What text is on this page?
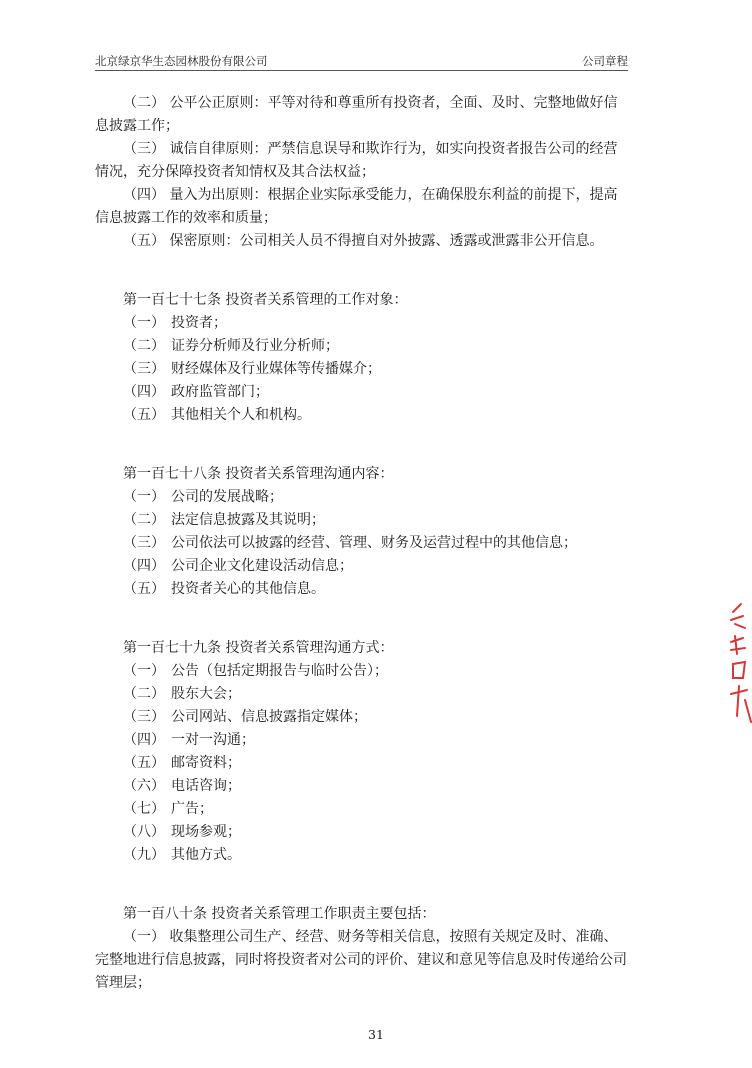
北京绿京华生态园林股份有限公司	公司章程

（二） 公平公正原则：平等对待和尊重所有投资者，全面、及时、完整地做好信息披露工作；

（三） 诚信自律原则：严禁信息误导和欺诈行为，如实向投资者报告公司的经营情况，充分保障投资者知情权及其合法权益；

（四） 量入为出原则：根据企业实际承受能力，在确保股东利益的前提下，提高信息披露工作的效率和质量；

（五） 保密原则：公司相关人员不得擅自对外披露、透露或泄露非公开信息。

第一百七十七条 投资者关系管理的工作对象：

（一） 投资者；

（二） 证券分析师及行业分析师；

（三） 财经媒体及行业媒体等传播媒介；

（四） 政府监管部门；

（五） 其他相关个人和机构。

第一百七十八条 投资者关系管理沟通内容：

（一） 公司的发展战略；

（二） 法定信息披露及其说明；

（三） 公司依法可以披露的经营、管理、财务及运营过程中的其他信息；

（四） 公司企业文化建设活动信息；

（五） 投资者关心的其他信息。

第一百七十九条 投资者关系管理沟通方式：

（一） 公告（包括定期报告与临时公告）；

（二） 股东大会；

（三） 公司网站、信息披露指定媒体；

（四） 一对一沟通；

（五） 邮寄资料；

（六） 电话咨询；

（七） 广告；

（八） 现场参观；

（九） 其他方式。

第一百八十条 投资者关系管理工作职责主要包括：

（一） 收集整理公司生产、经营、财务等相关信息，按照有关规定及时、准确、完整地进行信息披露，同时将投资者对公司的评价、建议和意见等信息及时传递给公司管理层；

31
